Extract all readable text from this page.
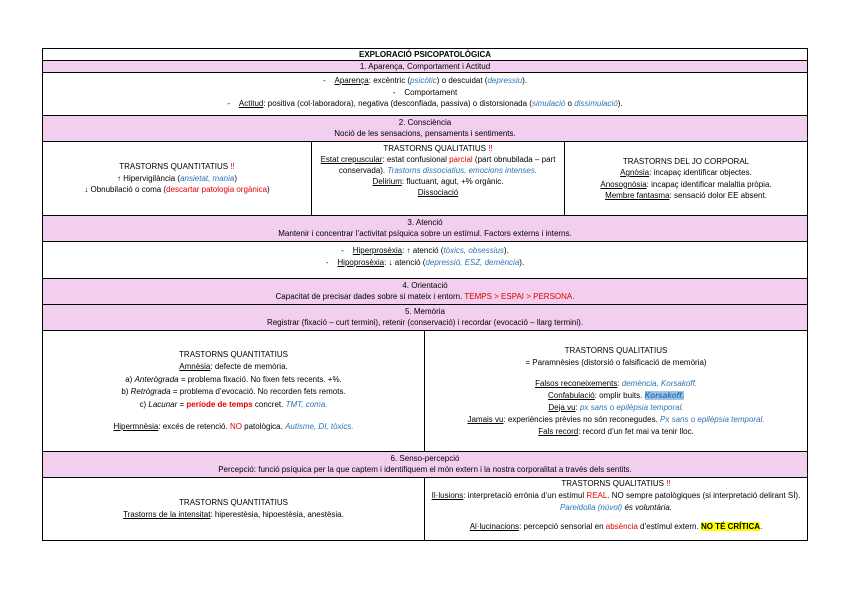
EXPLORACIÓ PSICOPATOLÒGICA
1. Aparença, Comportament i Actitud
-    Aparença: excèntric (psicòtic) o descuidat (depressiu).
-    Comportament
-    Actitud: positiva (col·laboradora), negativa (desconfiada, passiva) o distorsionada (simulació o dissimulació).
2. Consciència
Noció de les sensacions, pensaments i sentiments.
TRASTORNS QUANTITATIUS !!
↑ Hipervigilància (ansietat, mania)
↓ Obnubilació o coma (descartar patologia orgànica)
TRASTORNS QUALITATIUS !!
Estat crepuscular: estat confusional parcial (part obnubilada – part conservada). Trastorns dissociatius, emocions intenses.
Delirium: fluctuant, agut, +% orgànic.
Dissociació
TRASTORNS DEL JO CORPORAL
Agnòsia: incapaç identificar objectes.
Anosognòsia: incapaç identificar malaltia pròpia.
Membre fantasma: sensació dolor EE absent.
3. Atenció
Mantenir i concentrar l’activitat psíquica sobre un estímul. Factors externs i interns.
-    Hiperprosèxia: ↑ atenció (tòxics, obsessius).
-    Hipoprosèxia: ↓ atenció (depressió, ESZ, demència).
4. Orientació
Capacitat de precisar dades sobre si mateix i entorn. TEMPS > ESPAI > PERSONA.
5. Memòria
Registrar (fixació – curt termini), retenir (conservació) i recordar (evocació – llarg termini).
TRASTORNS QUANTITATIUS
Amnèsia: defecte de memòria.
a) Anterògrada = problema fixació. No fixen fets recents. +%.
b) Retrògrada = problema d’evocació. No recorden fets remots.
c) Lacunar = període de temps concret. TMT, coma.
Hipermnèsia: excés de retenció. NO patològica. Autisme, DI, tòxics.
TRASTORNS QUALITATIUS
= Paramnèsies (distorsió o falsificació de memòria)
Falsos reconeixements: demència, Korsakoff.
Confabulació: omplir buits. Korsakoff.
Deja vu: px sans o epilèpsia temporal.
Jamais vu: experiències prèvies no són reconegudes. Px sans o epilèpsia temporal.
Fals record: record d’un fet mai va tenir lloc.
6. Senso-percepció
Percepció: funció psíquica per la que captem i identifiquem el món extern i la nostra corporalitat a través dels sentits.
TRASTORNS QUANTITATIUS
Trastorns de la intensitat: hiperestèsia, hipoestèsia, anestèsia.
TRASTORNS QUALITATIUS !!
Il·lusions: interpretació errònia d’un estímul REAL. NO sempre patològiques (si interpretació delirant SÍ). Pareidolia (núvol) és voluntària.
Al·lucinacions: percepció sensorial en absència d’estímul extern. NO TÉ CRÍTICA.
